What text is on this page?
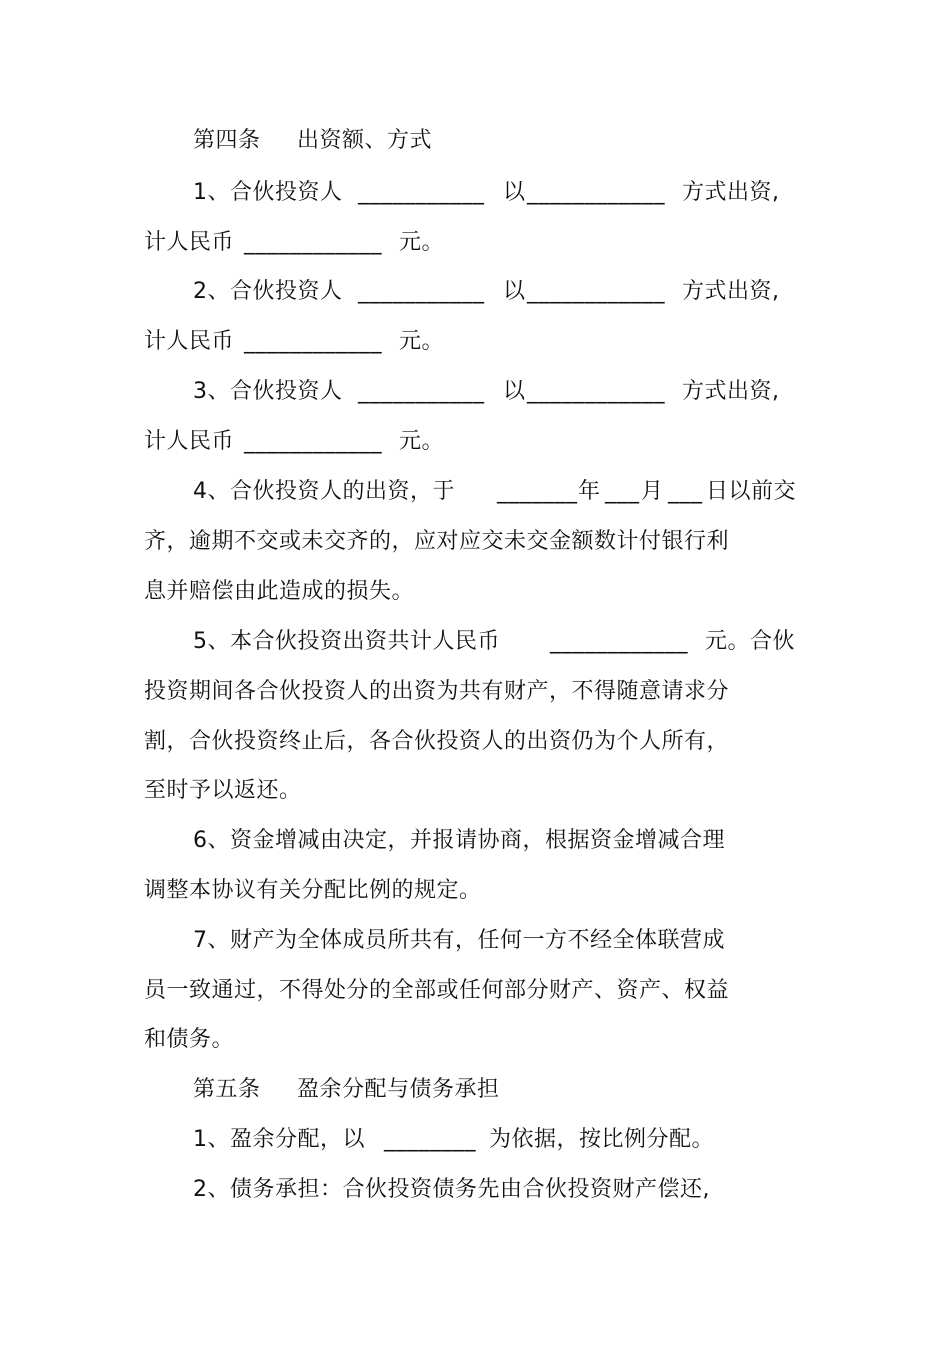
第四条 出资额、方式
1、合伙投资人 ___________ 以 ____________ 方式出资,
计人民币 ____________ 元。
2、合伙投资人 ___________ 以 ____________ 方式出资,
计人民币 ____________ 元。
3、合伙投资人 ___________ 以 ____________ 方式出资,
计人民币 ____________ 元。
4、合伙投资人的出资，于 _______ 年 ___ 月 ___ 日以前交
齐，逾期不交或未交齐的，应对应交未交金额数计付银行利
息并赔偿由此造成的损失。
5、本合伙投资出资共计人民币 ____________ 元。合伙
投资期间各合伙投资人的出资为共有财产，不得随意请求分
割，合伙投资终止后，各合伙投资人的出资仍为个人所有，
至时予以返还。
6、资金增减由决定，并报请协商，根据资金增减合理
调整本协议有关分配比例的规定。
7、财产为全体成员所共有，任何一方不经全体联营成
员一致通过，不得处分的全部或任何部分财产、资产、权益
和债务。
第五条 盈余分配与债务承担
1、盈余分配，以 ________ 为依据，按比例分配。
2、债务承担：合伙投资债务先由合伙投资财产偿还,
